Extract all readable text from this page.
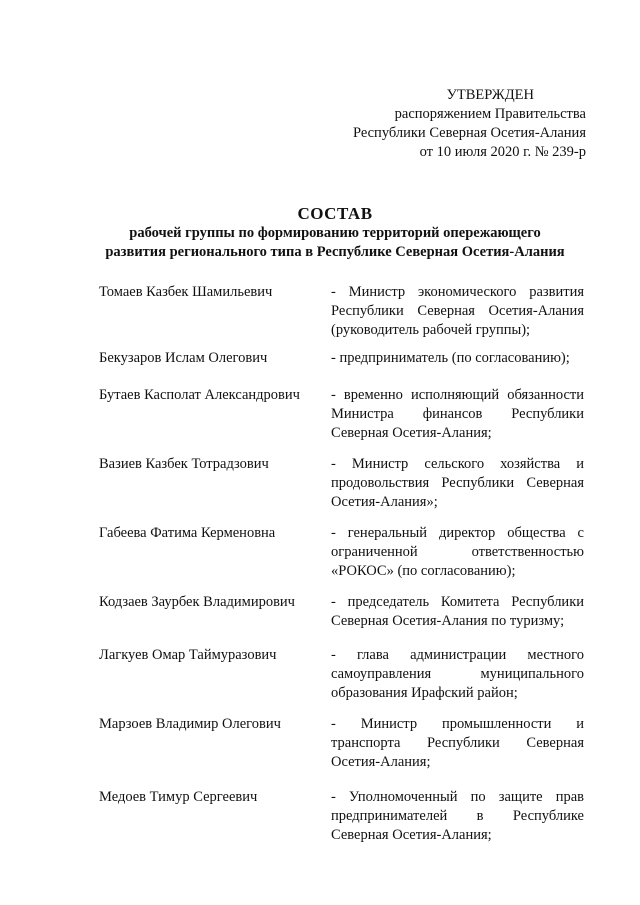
УТВЕРЖДЕН
распоряжением Правительства
Республики Северная Осетия-Алания
от 10 июля 2020 г. № 239-р
СОСТАВ
рабочей группы по формированию территорий опережающего
развития регионального типа в Республике Северная Осетия-Алания
Томаев Казбек Шамильевич	- Министр экономического развития Республики Северная Осетия-Алания (руководитель рабочей группы);
Бекузаров Ислам Олегович	- предприниматель (по согласованию);
Бутаев Касполат Александрович	- временно исполняющий обязанности Министра финансов Республики Северная Осетия-Алания;
Вазиев Казбек Тотрадзович	- Министр сельского хозяйства и продовольствия Республики Северная Осетия-Алания»;
Габеева Фатима Керменовна	- генеральный директор общества с ограниченной ответственностью «РОКОС» (по согласованию);
Кодзаев Заурбек Владимирович	- председатель Комитета Республики Северная Осетия-Алания по туризму;
Лагкуев Омар Таймуразович	- глава администрации местного самоуправления муниципального образования Ирафский район;
Марзоев Владимир Олегович	- Министр промышленности и транспорта Республики Северная Осетия-Алания;
Медоев Тимур Сергеевич	- Уполномоченный по защите прав предпринимателей в Республике Северная Осетия-Алания;
